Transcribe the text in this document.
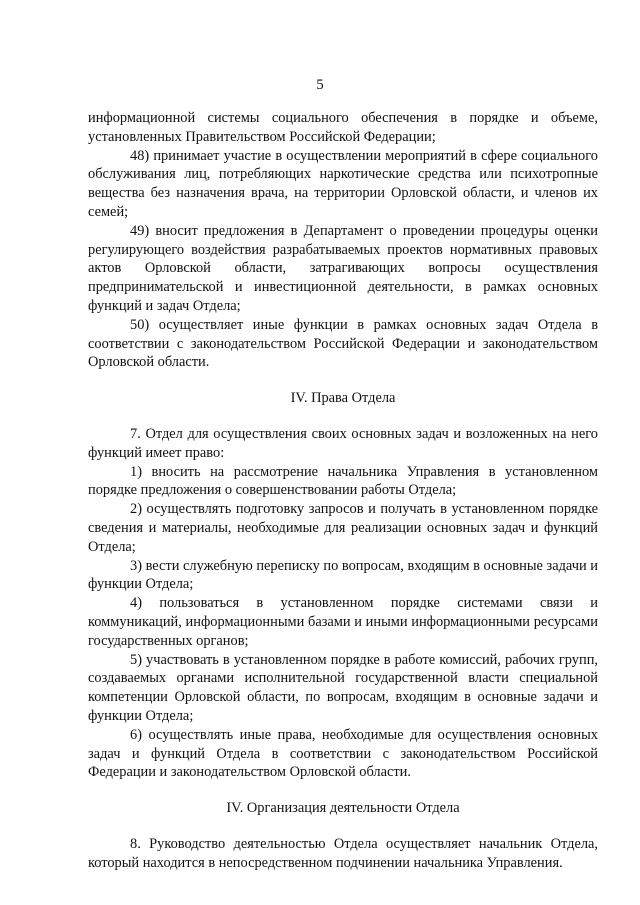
5

информационной системы социального обеспечения в порядке и объеме, установленных Правительством Российской Федерации;

48) принимает участие в осуществлении мероприятий в сфере социального обслуживания лиц, потребляющих наркотические средства или психотропные вещества без назначения врача, на территории Орловской области, и членов их семей;

49) вносит предложения в Департамент о проведении процедуры оценки регулирующего воздействия разрабатываемых проектов нормативных правовых актов Орловской области, затрагивающих вопросы осуществления предпринимательской и инвестиционной деятельности, в рамках основных функций и задач Отдела;

50) осуществляет иные функции в рамках основных задач Отдела в соответствии с законодательством Российской Федерации и законодательством Орловской области.

IV. Права Отдела

7. Отдел для осуществления своих основных задач и возложенных на него функций имеет право:

1) вносить на рассмотрение начальника Управления в установленном порядке предложения о совершенствовании работы Отдела;

2) осуществлять подготовку запросов и получать в установленном порядке сведения и материалы, необходимые для реализации основных задач и функций Отдела;

3) вести служебную переписку по вопросам, входящим в основные задачи и функции Отдела;

4) пользоваться в установленном порядке системами связи и коммуникаций, информационными базами и иными информационными ресурсами государственных органов;

5) участвовать в установленном порядке в работе комиссий, рабочих групп, создаваемых органами исполнительной государственной власти специальной компетенции Орловской области, по вопросам, входящим в основные задачи и функции Отдела;

6) осуществлять иные права, необходимые для осуществления основных задач и функций Отдела в соответствии с законодательством Российской Федерации и законодательством Орловской области.

IV. Организация деятельности Отдела

8. Руководство деятельностью Отдела осуществляет начальник Отдела, который находится в непосредственном подчинении начальника Управления.
